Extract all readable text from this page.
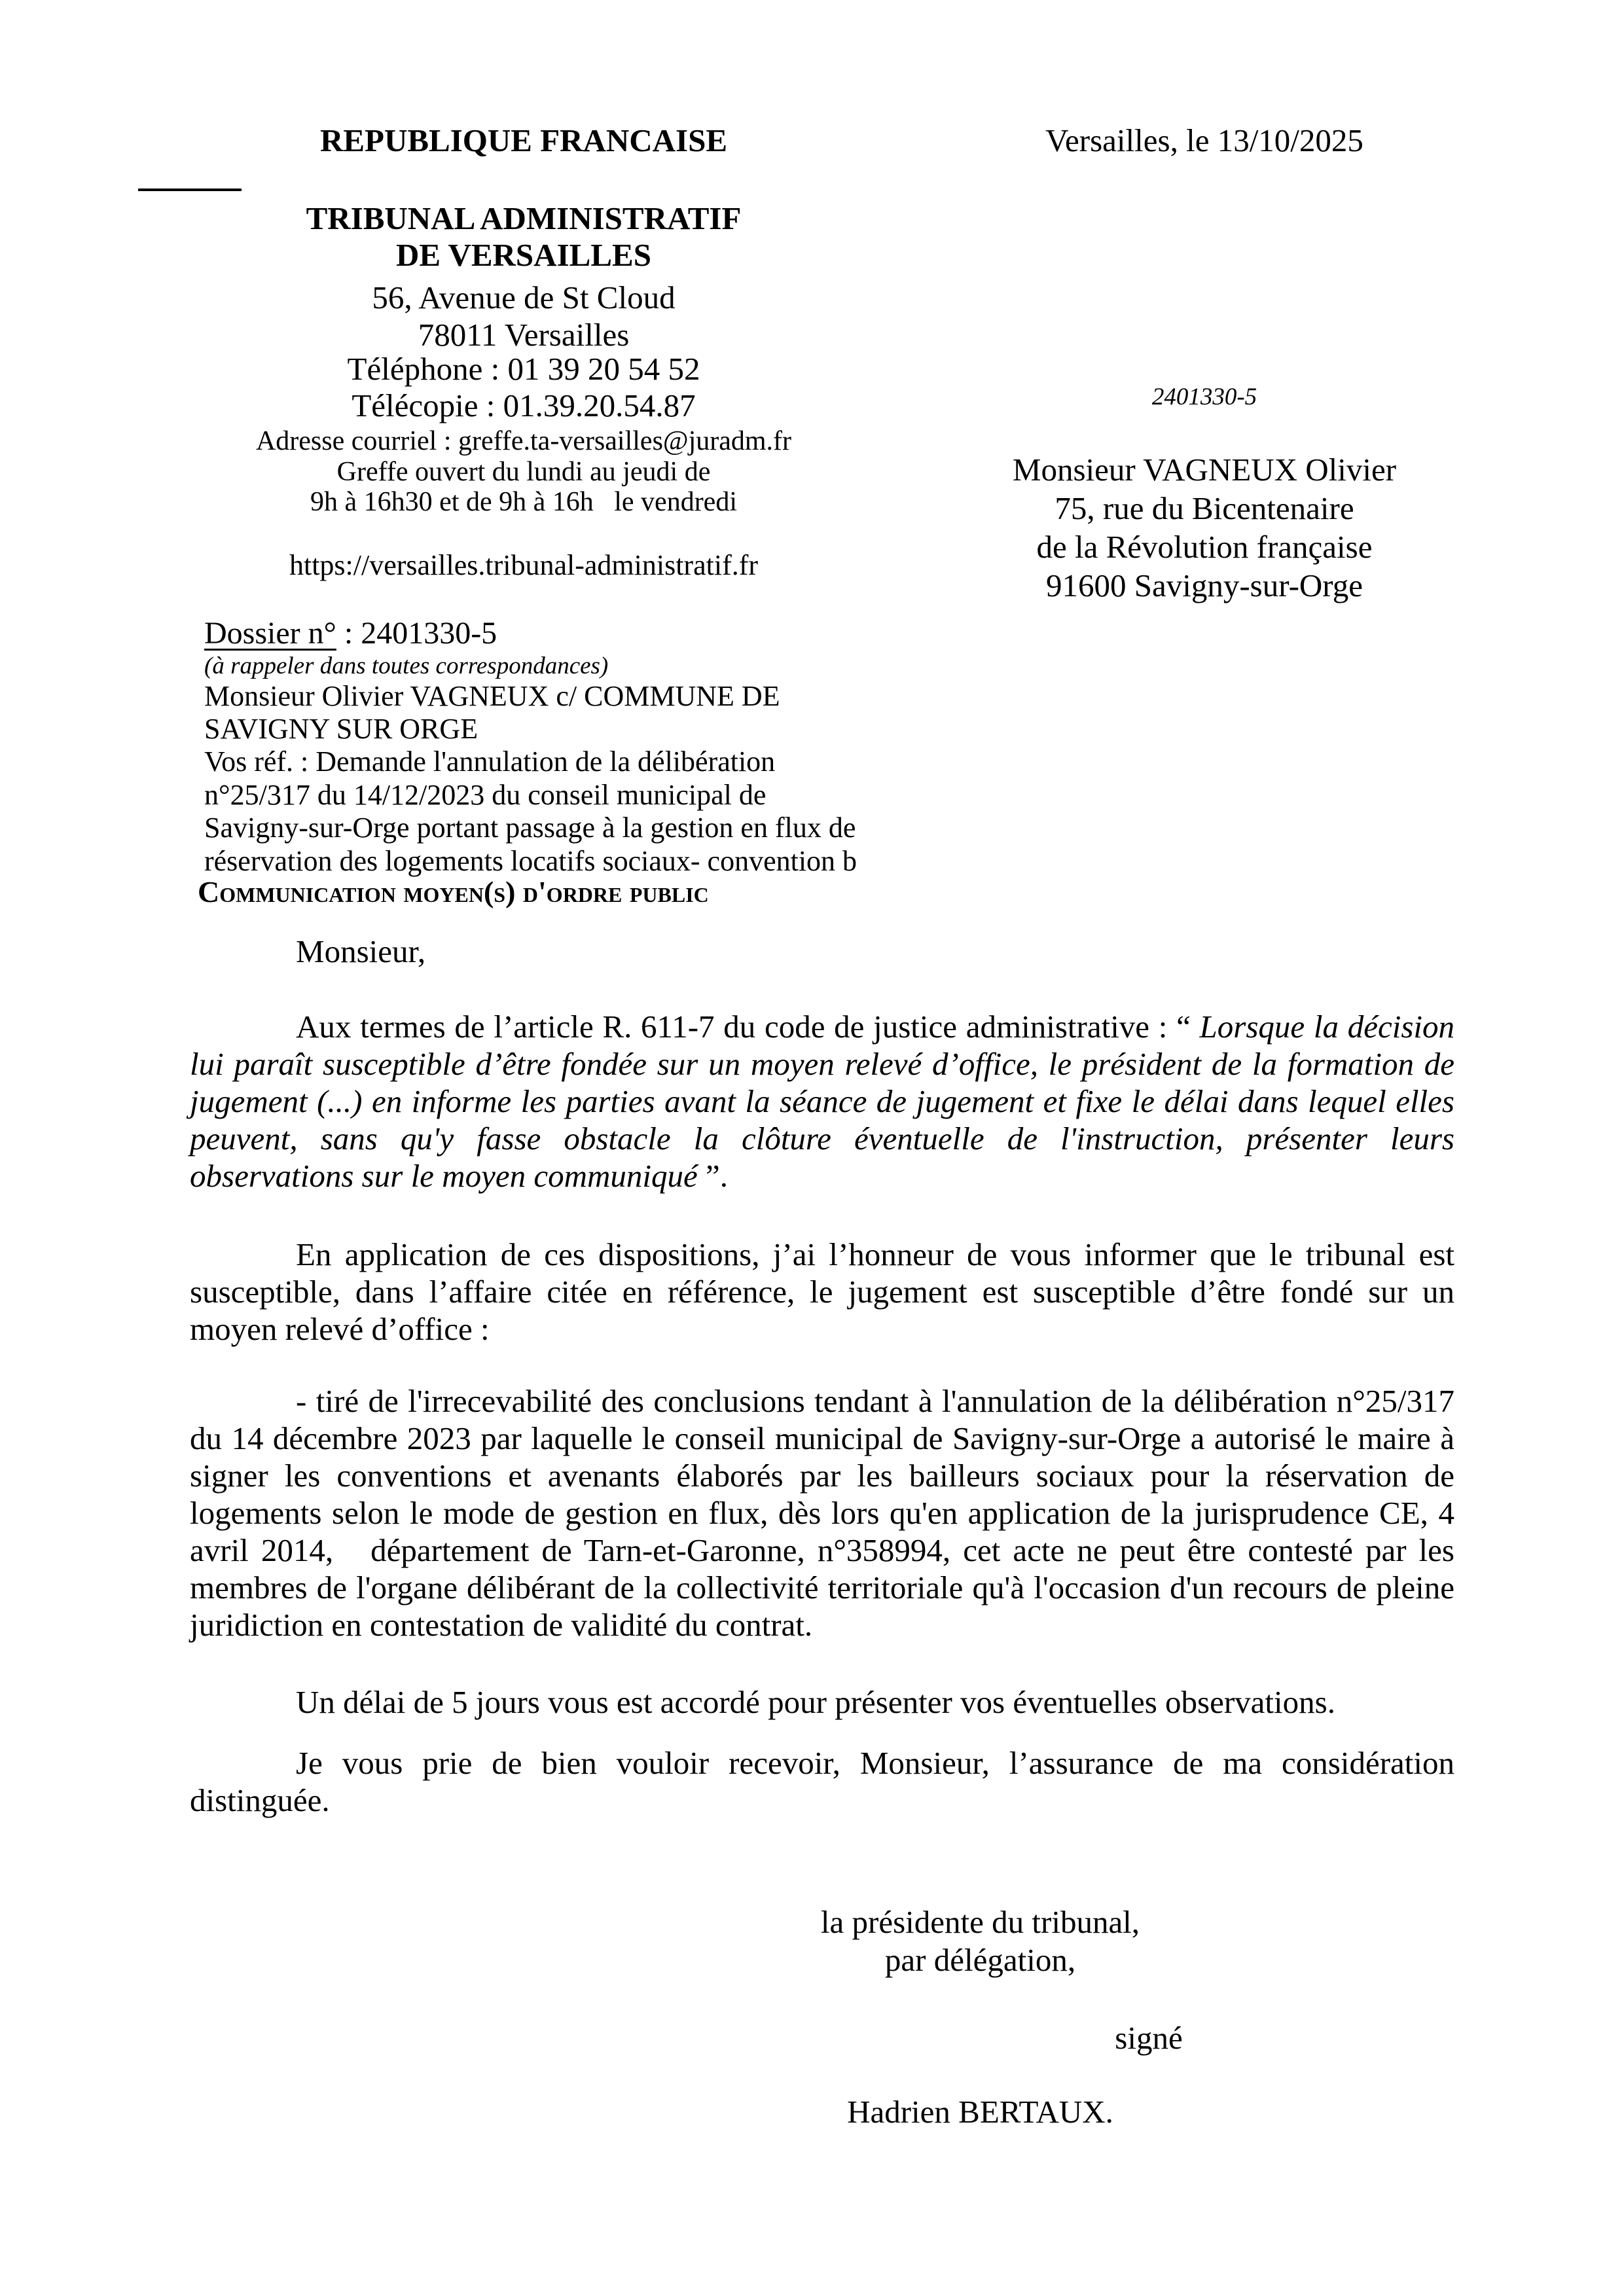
REPUBLIQUE FRANCAISE
TRIBUNAL ADMINISTRATIF
DE VERSAILLES
56, Avenue de St Cloud
78011 Versailles
Téléphone : 01 39 20 54 52
Télécopie : 01.39.20.54.87
Adresse courriel : greffe.ta-versailles@juradm.fr
Greffe ouvert du lundi au jeudi de
9h à 16h30 et de 9h à 16h   le vendredi
https://versailles.tribunal-administratif.fr
Versailles, le 13/10/2025
2401330-5
Monsieur VAGNEUX Olivier
75, rue du Bicentenaire
de la Révolution française
91600 Savigny-sur-Orge
Dossier n° : 2401330-5
(à rappeler dans toutes correspondances)
Monsieur Olivier VAGNEUX c/ COMMUNE DE
SAVIGNY SUR ORGE
Vos réf. : Demande l'annulation de la délibération
n°25/317 du 14/12/2023 du conseil municipal de
Savigny-sur-Orge portant passage à la gestion en flux de
réservation des logements locatifs sociaux- convention b
Communication moyen(s) d'ordre public
Monsieur,
Aux termes de l’article R. 611-7 du code de justice administrative : “ Lorsque la décision lui paraît susceptible d’être fondée sur un moyen relevé d’office, le président de la formation de jugement (...) en informe les parties avant la séance de jugement et fixe le délai dans lequel elles peuvent, sans qu'y fasse obstacle la clôture éventuelle de l'instruction, présenter leurs observations sur le moyen communiqué ”.
En application de ces dispositions, j’ai l’honneur de vous informer que le tribunal est susceptible, dans l’affaire citée en référence, le jugement est susceptible d’être fondé sur un moyen relevé d’office :
- tiré de l'irrecevabilité des conclusions tendant à l'annulation de la délibération n°25/317 du 14 décembre 2023 par laquelle le conseil municipal de Savigny-sur-Orge a autorisé le maire à signer les conventions et avenants élaborés par les bailleurs sociaux pour la réservation de logements selon le mode de gestion en flux, dès lors qu'en application de la jurisprudence CE, 4 avril 2014,   département de Tarn-et-Garonne, n°358994, cet acte ne peut être contesté par les membres de l'organe délibérant de la collectivité territoriale qu'à l'occasion d'un recours de pleine juridiction en contestation de validité du contrat.
Un délai de 5 jours vous est accordé pour présenter vos éventuelles observations.
Je vous prie de bien vouloir recevoir, Monsieur, l’assurance de ma considération distinguée.
la présidente du tribunal,
par délégation,
signé
Hadrien BERTAUX.
